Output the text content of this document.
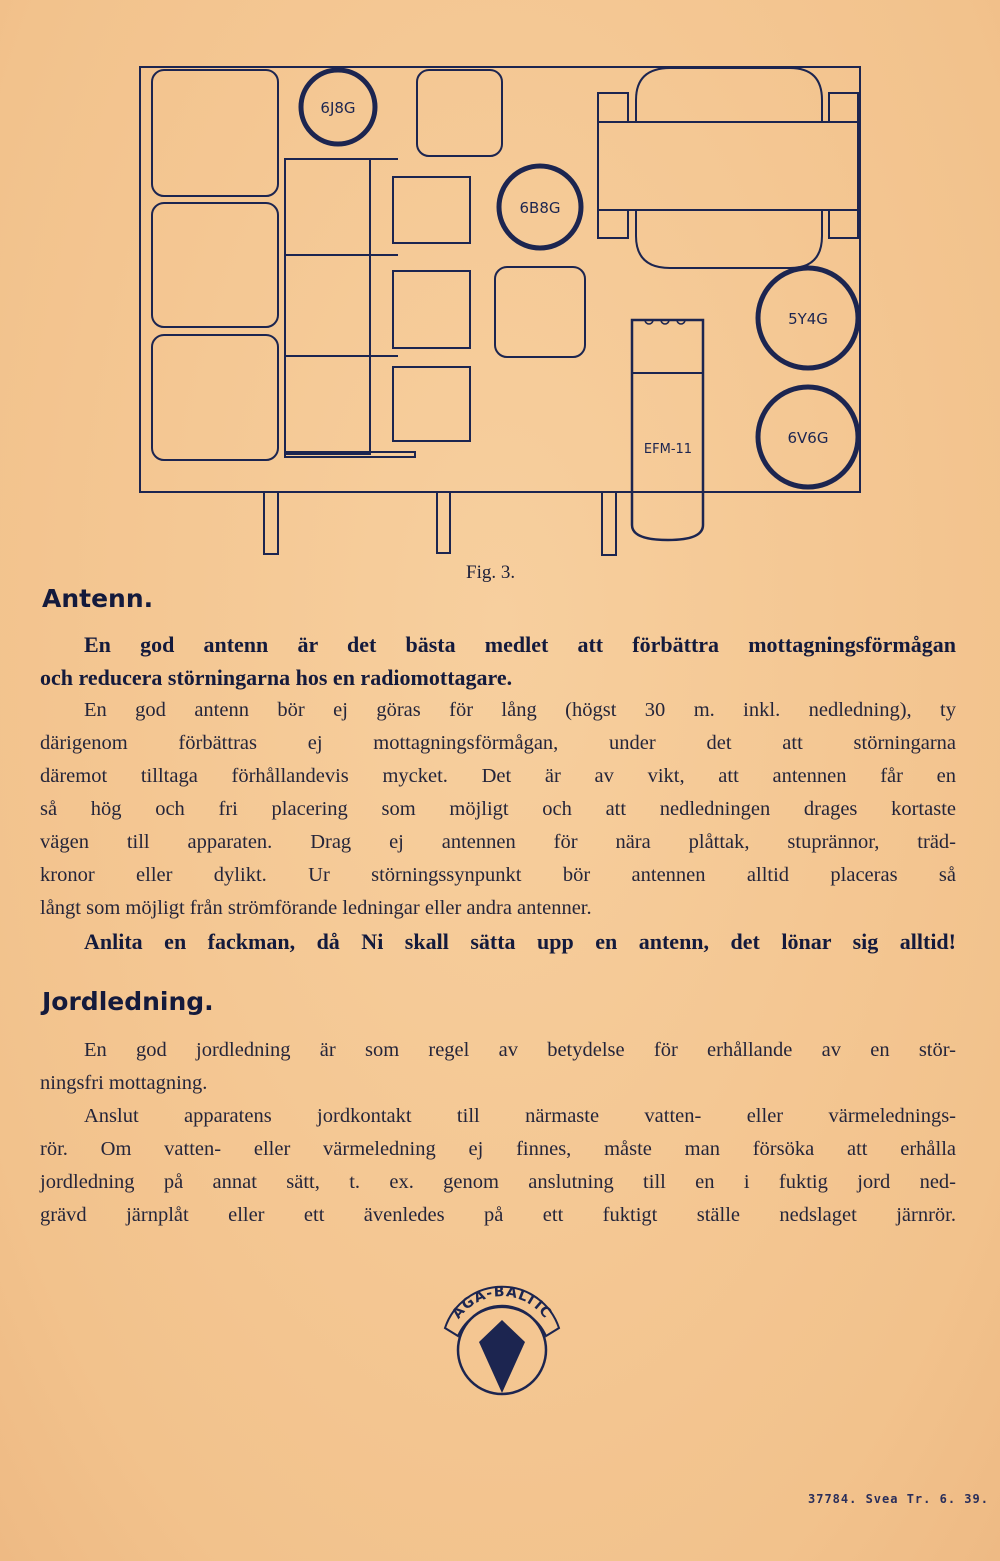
6J8G
6B8G
5Y4G
6V6G
EFM-11
Fig. 3.
Antenn.
En god antenn är det bästa medlet att förbättra mottagningsförmågan
och reducera störningarna hos en radiomottagare.
En god antenn bör ej göras för lång (högst 30 m. inkl. nedledning), ty
därigenom förbättras ej mottagningsförmågan, under det att störningarna
däremot tilltaga förhållandevis mycket. Det är av vikt, att antennen får en
så hög och fri placering som möjligt och att nedledningen drages kortaste
vägen till apparaten. Drag ej antennen för nära plåttak, stuprännor, träd-
kronor eller dylikt. Ur störningssynpunkt bör antennen alltid placeras så
långt som möjligt från strömförande ledningar eller andra antenner.
Anlita en fackman, då Ni skall sätta upp en antenn, det lönar sig alltid!
Jordledning.
En god jordledning är som regel av betydelse för erhållande av en stör-
ningsfri mottagning.
Anslut apparatens jordkontakt till närmaste vatten- eller värmelednings-
rör. Om vatten- eller värmeledning ej finnes, måste man försöka att erhålla
jordledning på annat sätt, t. ex. genom anslutning till en i fuktig jord ned-
grävd järnplåt eller ett ävenledes på ett fuktigt ställe nedslaget järnrör.
AGA-BALTIC
37784. Svea Tr. 6. 39.
